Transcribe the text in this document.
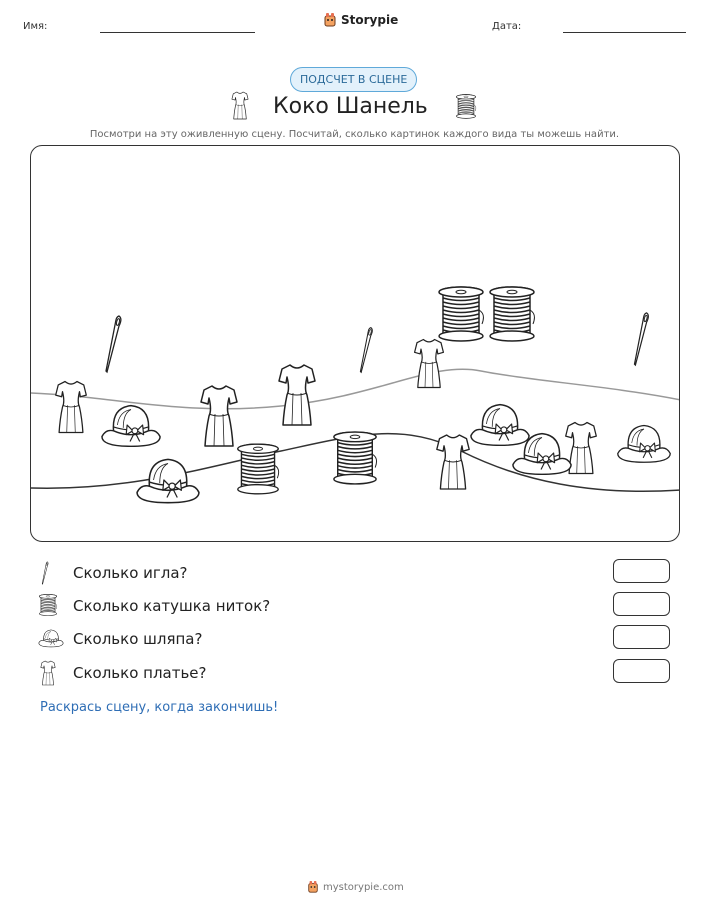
Имя:	Storypie	Дата:
ПОДСЧЕТ В СЦЕНЕ
Коко Шанель
Посмотри на эту оживленную сцену. Посчитай, сколько картинок каждого вида ты можешь найти.
Сколько игла?
Сколько катушка ниток?
Сколько шляпа?
Сколько платье?
Раскрась сцену, когда закончишь!
mystorypie.com
